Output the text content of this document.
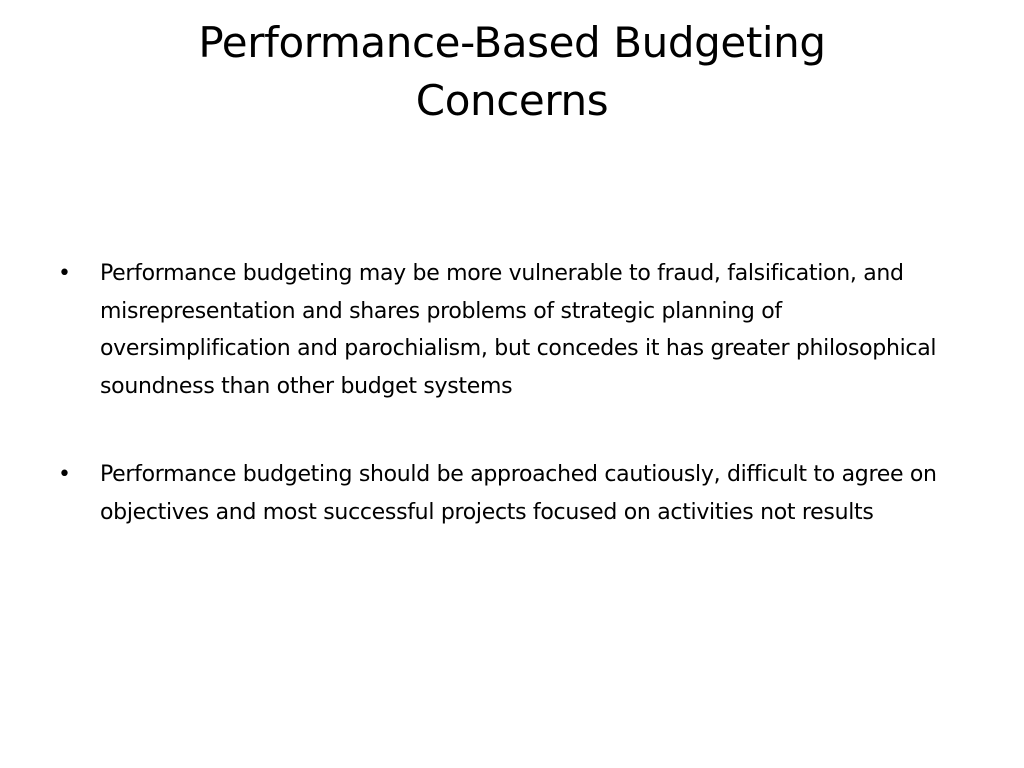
Performance-Based Budgeting Concerns
• Performance budgeting may be more vulnerable to fraud, falsification, and misrepresentation and shares problems of strategic planning of oversimplification and parochialism, but concedes it has greater philosophical soundness than other budget systems
• Performance budgeting should be approached cautiously, difficult to agree on objectives and most successful projects focused on activities not results
